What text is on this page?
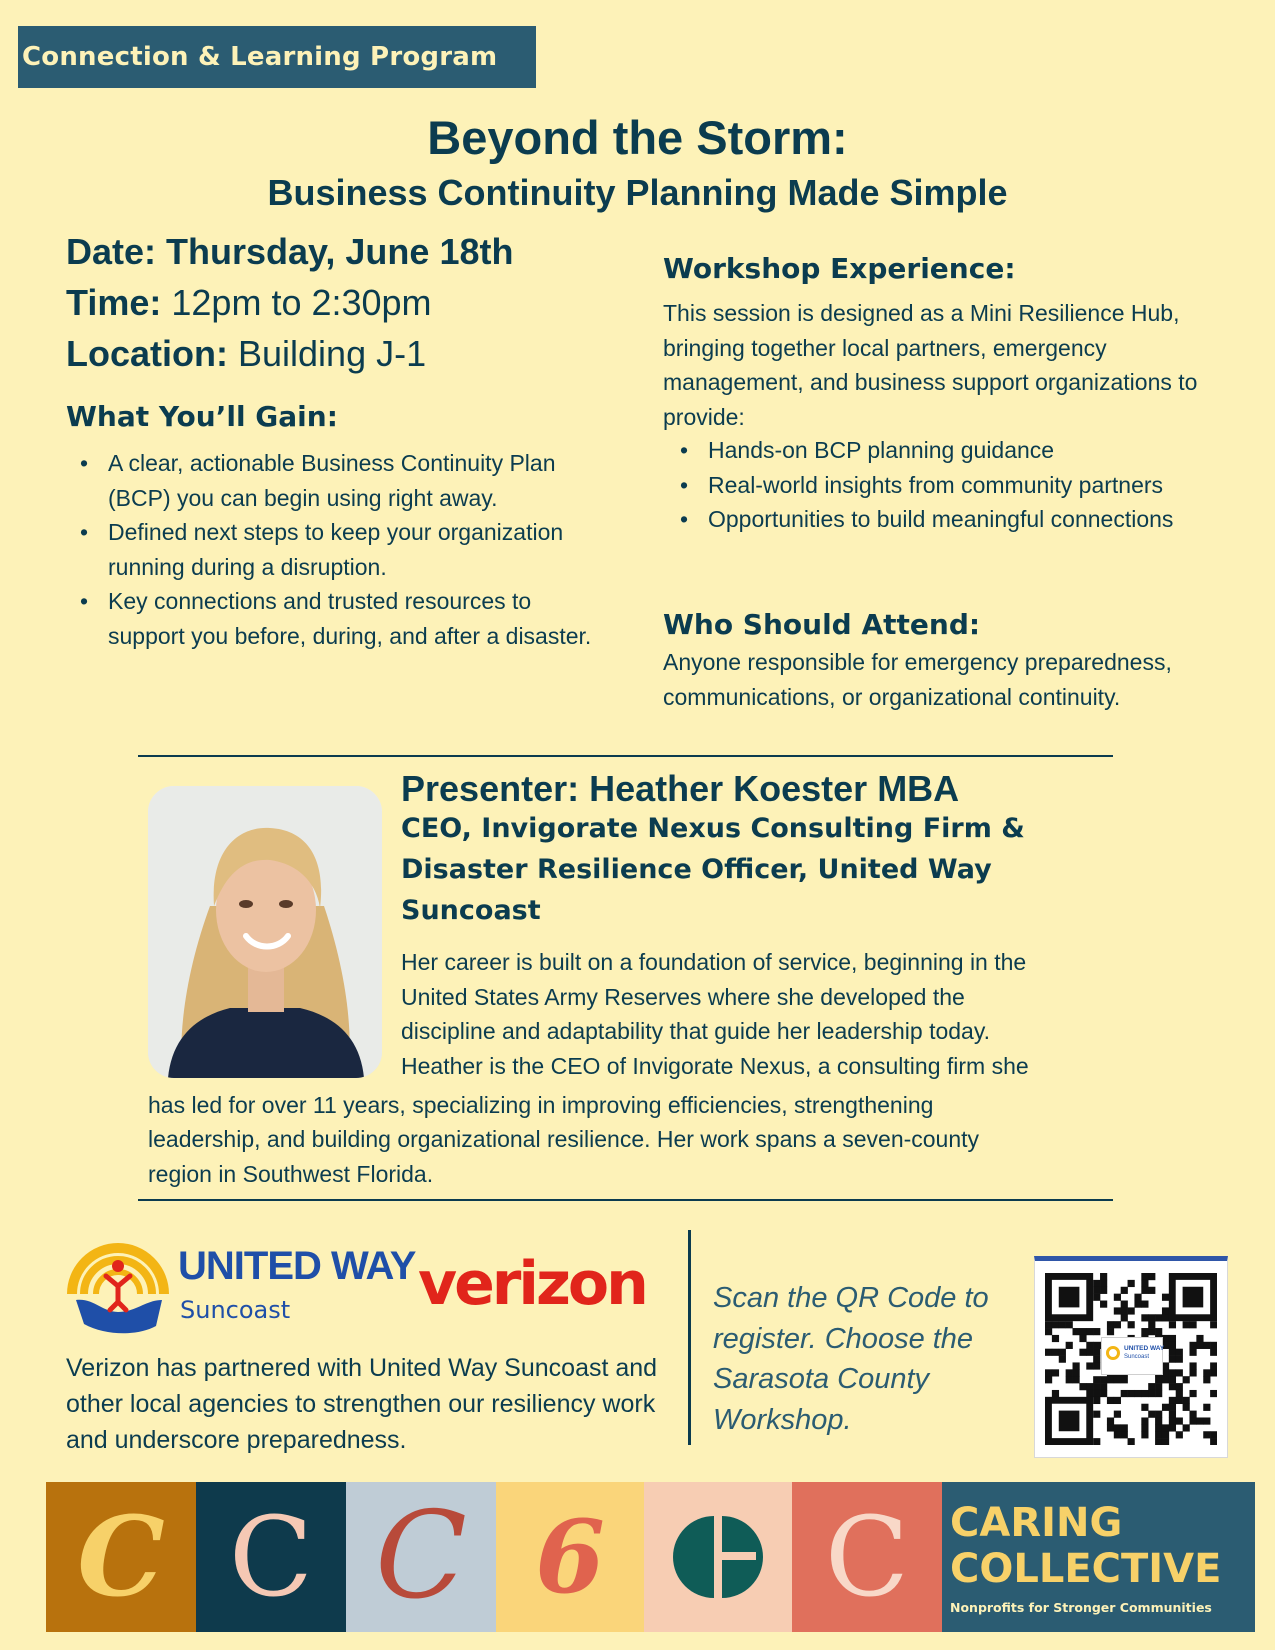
Connection & Learning Program
Beyond the Storm:
Business Continuity Planning Made Simple
Date: Thursday, June 18th
Time: 12pm to 2:30pm
Location: Building J-1
What You’ll Gain:
• A clear, actionable Business Continuity Plan (BCP) you can begin using right away.
• Defined next steps to keep your organization running during a disruption.
• Key connections and trusted resources to support you before, during, and after a disaster.
Workshop Experience:
This session is designed as a Mini Resilience Hub, bringing together local partners, emergency management, and business support organizations to provide:
• Hands-on BCP planning guidance
• Real-world insights from community partners
• Opportunities to build meaningful connections
Who Should Attend:
Anyone responsible for emergency preparedness, communications, or organizational continuity.
Presenter: Heather Koester MBA
CEO, Invigorate Nexus Consulting Firm & Disaster Resilience Officer, United Way Suncoast
Her career is built on a foundation of service, beginning in the
United States Army Reserves where she developed the
discipline and adaptability that guide her leadership today.
Heather is the CEO of Invigorate Nexus, a consulting firm she
has led for over 11 years, specializing in improving efficiencies, strengthening
leadership, and building organizational resilience. Her work spans a seven-county
region in Southwest Florida.
UNITED WAY
Suncoast verizon
Verizon has partnered with United Way Suncoast and other local agencies to strengthen our resiliency work and underscore preparedness.
Scan the QR Code to register. Choose the Sarasota County Workshop.
UNITED WAY
Suncoast
C C C 6	C	CARING
COLLECTIVE
Nonprofits for Stronger Communities
